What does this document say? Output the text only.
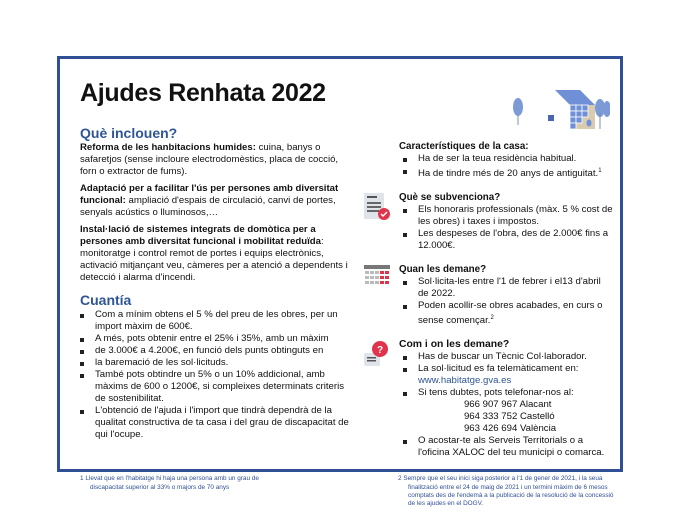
Ajudes Renhata 2022
Què inclouen?
Reforma de les hanbitacions humides: cuina, banys o safaretjos (sense incloure electrodomèstics, placa de cocció, forn o extractor de fums).
Adaptació per a facilitar l'ús per persones amb diversitat funcional: ampliació d'espais de circulació, canvi de portes, senyals acústics o lluminosos,…
Instal·lació de sistemes integrats de domòtica per a persones amb diversitat funcional i mobilitat reduïda: monitoratge i control remot de portes i equips electrònics, activació mitjançant veu, càmeres per a atenció a dependents i detecció i alarma d'incendi.
Cuantía
Com a mínim obtens el 5 % del preu de les obres, per un import màxim de 600€.
A més, pots obtenir entre el 25% i 35%, amb un màxim
de 3.000€ a 4.200€, en funció dels punts obtinguts en
la baremació de les sol·licituds.
També pots obtindre un 5% o un 10% addicional, amb màxims de 600 o 1200€, si compleixes determinats criteris de sostenibilitat.
L'obtenció de l'ajuda i l'import que tindrà dependrà de la qualitat constructiva de ta casa i del grau de discapacitat de qui l'ocupe.
Característiques de la casa:
Ha de ser la teua residència habitual.
Ha de tindre més de 20 anys de antiguitat.$^1$
Què se subvenciona?
Els honoraris professionals (màx. 5 % cost de les obres) i taxes i impostos.
Les despeses de l'obra, des de 2.000€ fins a 12.000€.
Quan les demane?
Sol·licita-les entre l'1 de febrer i el13 d'abril de 2022.
Poden acollir-se obres acabades, en curs o sense començar.$^2$
?
Com i on les demane?
Has de buscar un Tècnic Col·laborador.
La sol·licitud es fa telemàticament en:
www.habitatge.gva.es
Si tens dubtes, pots telefonar-nos al:
966 907 967 Alacant
964 333 752 Castelló
963 426 694 València
O acostar-te als Serveis Territorials o a l'oficina XALOC del teu municipi o comarca.
1 Llevat que en l'habitatge hi haja una persona amb un grau de
discapacitat superior al 33% o majors de 70 anys
2 Sempre que el seu inici siga posterior a l'1 de gener de 2021, i la seua
finalització entre el 24 de maig de 2021 i un termini màxim de 6 mesos
comptats des de l'endemà a la publicació de la resolució de la concessió
de les ajudes en el DOGV.
